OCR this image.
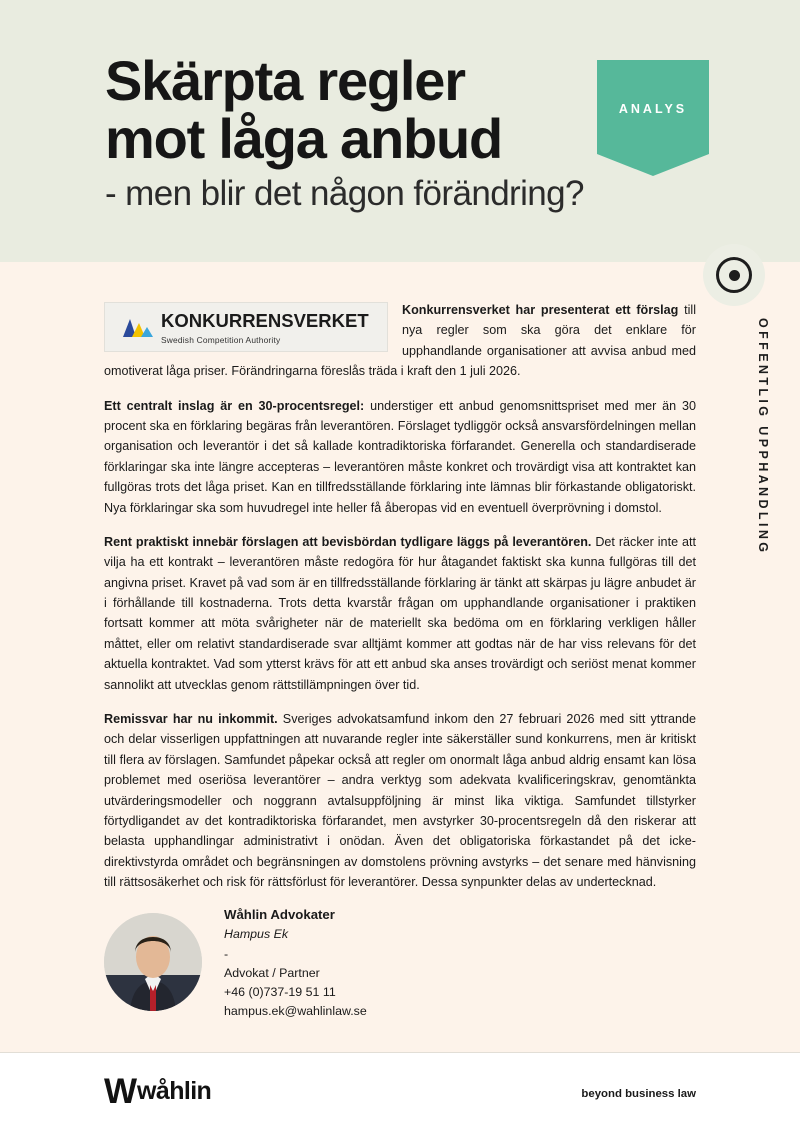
Skärpta regler
mot låga anbud
- men blir det någon förändring?
ANALYS
OFFENTLIG UPPHANDLING
KONKURRENSVERKET
Swedish Competition Authority

Konkurrensverket har presenterat ett förslag till nya regler som ska göra det enklare för upphandlande organisationer att avvisa anbud med omotiverat låga priser. Förändringarna föreslås träda i kraft den 1 juli 2026.

Ett centralt inslag är en 30-procentsregel: understiger ett anbud genomsnittspriset med mer än 30 procent ska en förklaring begäras från leverantören. Förslaget tydliggör också ansvarsfördelningen mellan organisation och leverantör i det så kallade kontradiktoriska förfarandet. Generella och standardiserade förklaringar ska inte längre accepteras – leverantören måste konkret och trovärdigt visa att kontraktet kan fullgöras trots det låga priset. Kan en tillfredsställande förklaring inte lämnas blir förkastande obligatoriskt. Nya förklaringar ska som huvudregel inte heller få åberopas vid en eventuell överprövning i domstol.

Rent praktiskt innebär förslagen att bevisbördan tydligare läggs på leverantören. Det räcker inte att vilja ha ett kontrakt – leverantören måste redogöra för hur åtagandet faktiskt ska kunna fullgöras till det angivna priset. Kravet på vad som är en tillfredsställande förklaring är tänkt att skärpas ju lägre anbudet är i förhållande till kostnaderna. Trots detta kvarstår frågan om upphandlande organisationer i praktiken fortsatt kommer att möta svårigheter när de materiellt ska bedöma om en förklaring verkligen håller måttet, eller om relativt standardiserade svar alltjämt kommer att godtas när de har viss relevans för det aktuella kontraktet. Vad som ytterst krävs för att ett anbud ska anses trovärdigt och seriöst menat kommer sannolikt att utvecklas genom rättstillämpningen över tid.

Remissvar har nu inkommit. Sveriges advokatsamfund inkom den 27 februari 2026 med sitt yttrande och delar visserligen uppfattningen att nuvarande regler inte säkerställer sund konkurrens, men är kritiskt till flera av förslagen. Samfundet påpekar också att regler om onormalt låga anbud aldrig ensamt kan lösa problemet med oseriösa leverantörer – andra verktyg som adekvata kvalificeringskrav, genomtänkta utvärderingsmodeller och noggrann avtalsuppföljning är minst lika viktiga. Samfundet tillstyrker förtydligandet av det kontradiktoriska förfarandet, men avstyrker 30-procentsregeln då den riskerar att belasta upphandlingar administrativt i onödan. Även det obligatoriska förkastandet på det icke-direktivstyrda området och begränsningen av domstolens prövning avstyrks – det senare med hänvisning till rättsosäkerhet och risk för rättsförlust för leverantörer. Dessa synpunkter delas av undertecknad.

Wåhlin Advokater
Hampus Ek
-
Advokat / Partner
+46 (0)737-19 51 11
hampus.ek@wahlinlaw.se
W wåhlin	beyond business law
